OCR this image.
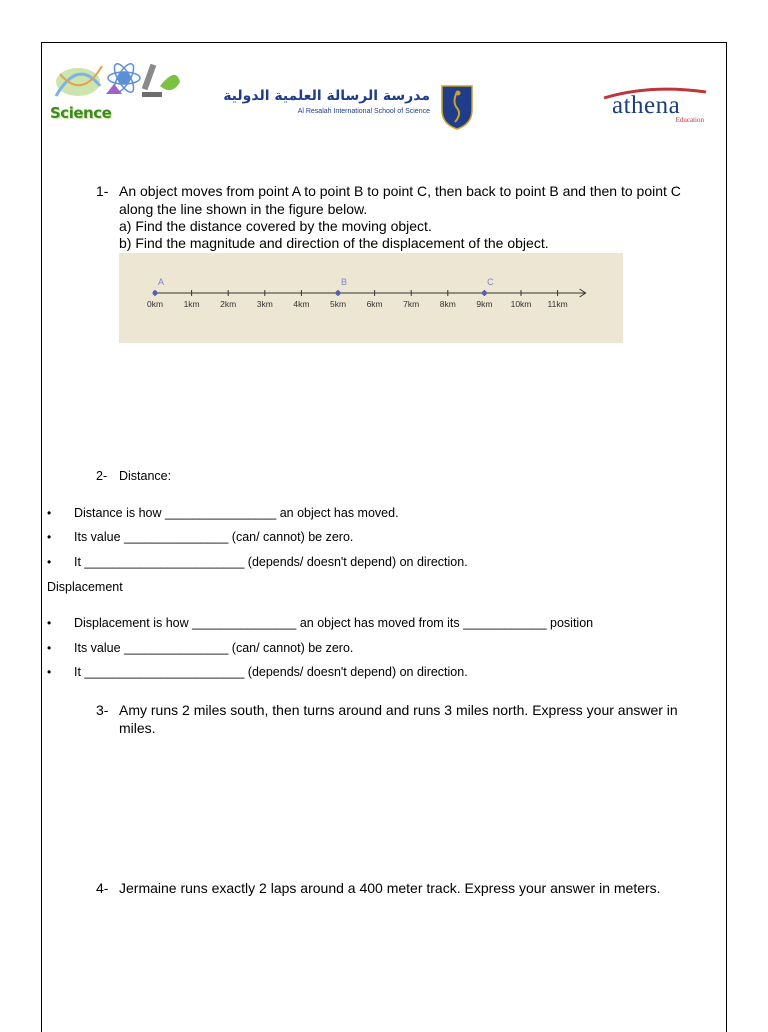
Science
مدرسة الرسالة العلمية الدولية
Al Resalah International School of Science	athena
Education
1- An object moves from point A to point B to point C, then back to point B and then to point C
along the line shown in the figure below.
a) Find the distance covered by the moving object.
b) Find the magnitude and direction of the displacement of the object.
0km 1km 2km 3km 4km 5km 6km 7km 8km 9km 10km 11km
A	B	C
2- Distance:
• Distance is how ________________ an object has moved.
• Its value _______________ (can/ cannot) be zero.
• It _______________________ (depends/ doesn't depend) on direction.
Displacement
• Displacement is how _______________ an object has moved from its ____________ position
• Its value _______________ (can/ cannot) be zero.
• It _______________________ (depends/ doesn't depend) on direction.
3- Amy runs 2 miles south, then turns around and runs 3 miles north. Express your answer in
miles.
4- Jermaine runs exactly 2 laps around a 400 meter track. Express your answer in meters.
